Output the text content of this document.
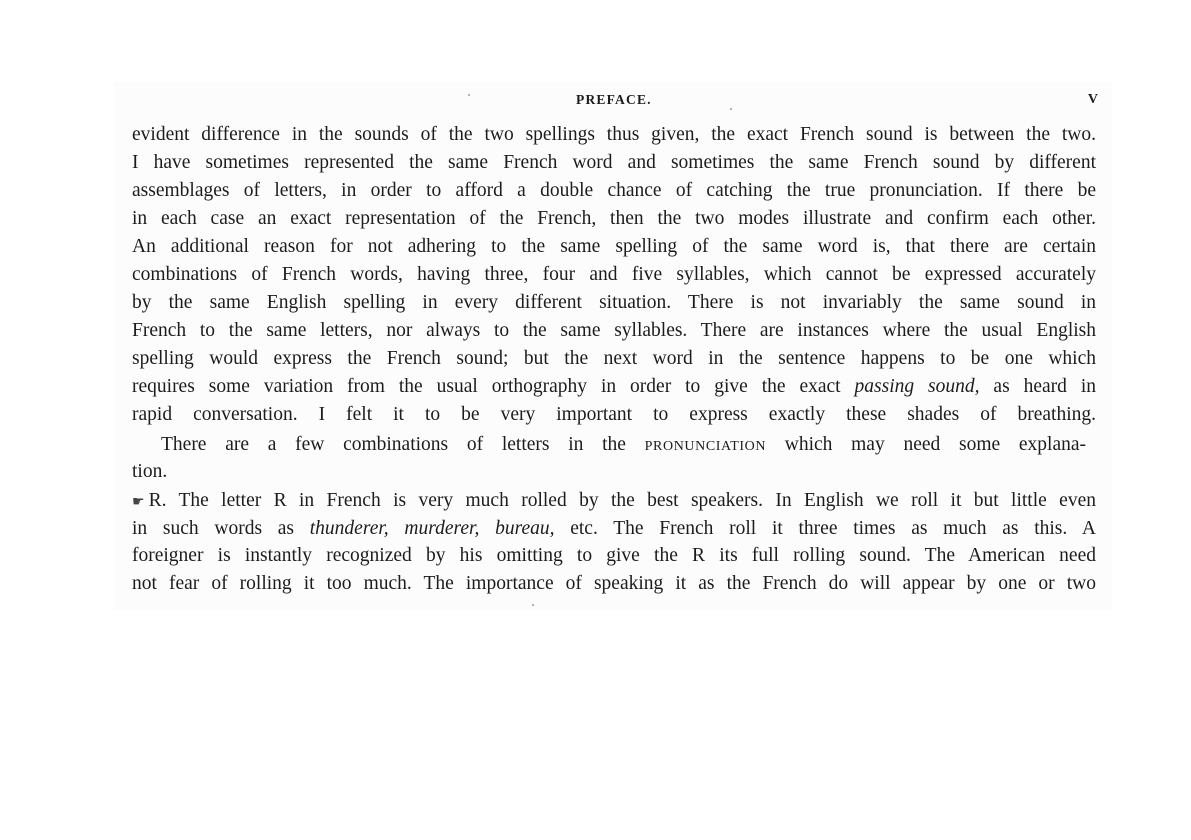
PREFACE.	V
evident difference in the sounds of the two spellings thus given, the exact French sound is between the two.
I have sometimes represented the same French word and sometimes the same French sound by different
assemblages of letters, in order to afford a double chance of catching the true pronunciation. If there be
in each case an exact representation of the French, then the two modes illustrate and confirm each other.
An additional reason for not adhering to the same spelling of the same word is, that there are certain
combinations of French words, having three, four and five syllables, which cannot be expressed accurately
by the same English spelling in every different situation. There is not invariably the same sound in
French to the same letters, nor always to the same syllables. There are instances where the usual English
spelling would express the French sound; but the next word in the sentence happens to be one which
requires some variation from the usual orthography in order to give the exact passing sound, as heard in
rapid conversation. I felt it to be very important to express exactly these shades of breathing.
There are a few combinations of letters in the pronunciation which may need some explana-
tion.
☛ R. The letter R in French is very much rolled by the best speakers. In English we roll it but little even
in such words as thunderer, murderer, bureau, etc. The French roll it three times as much as this. A
foreigner is instantly recognized by his omitting to give the R its full rolling sound. The American need
not fear of rolling it too much. The importance of speaking it as the French do will appear by one or two
